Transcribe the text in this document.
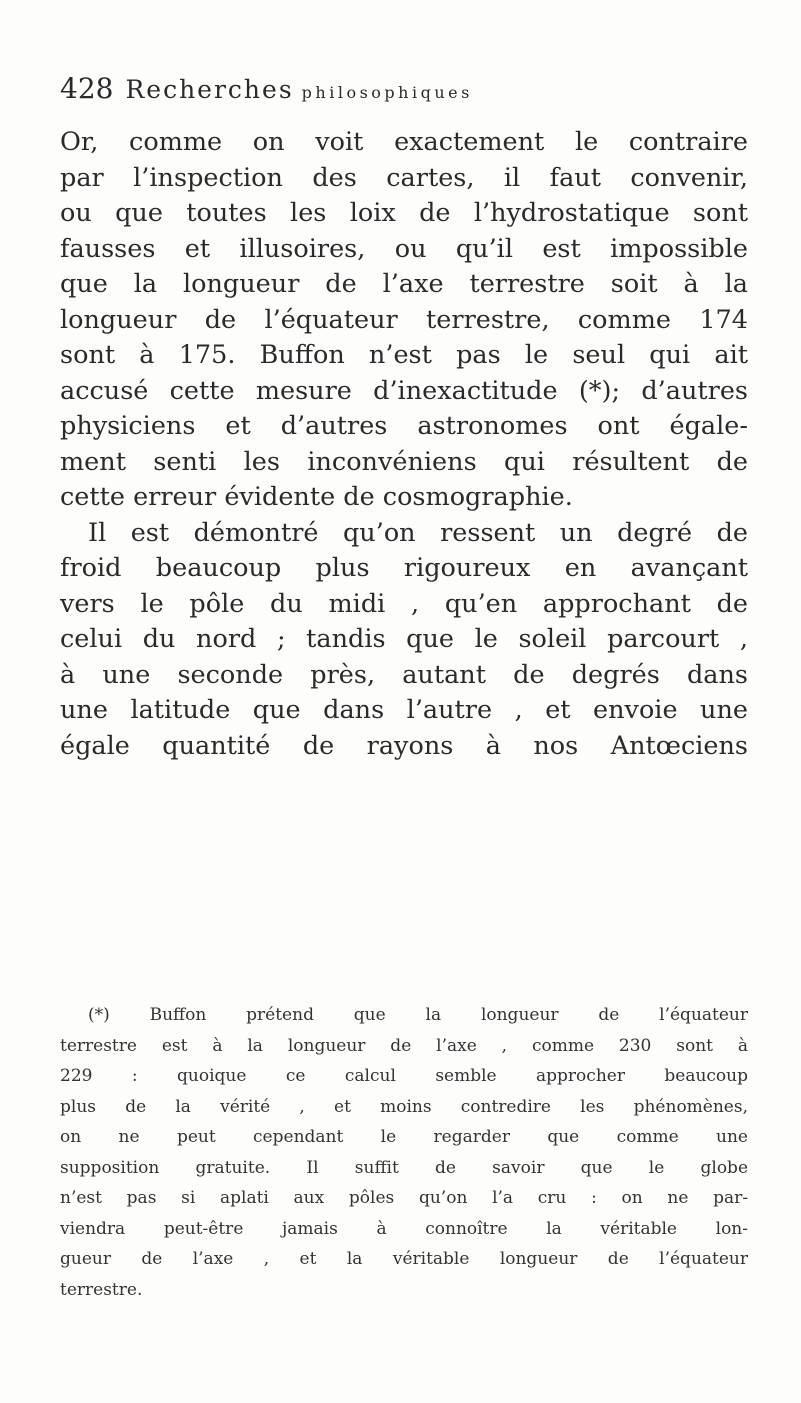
428 Recherches philosophiques
Or, comme on voit exactement le contraire
par l’inspection des cartes, il faut convenir,
ou que toutes les loix de l’hydrostatique sont
fausses et illusoires, ou qu’il est impossible
que la longueur de l’axe terrestre soit à la
longueur de l’équateur terrestre, comme 174
sont à 175. Buffon n’est pas le seul qui ait
accusé cette mesure d’inexactitude (*); d’autres
physiciens et d’autres astronomes ont égale-
ment senti les inconvéniens qui résultent de
cette erreur évidente de cosmographie.
Il est démontré qu’on ressent un degré de
froid beaucoup plus rigoureux en avançant
vers le pôle du midi , qu’en approchant de
celui du nord ; tandis que le soleil parcourt ,
à une seconde près, autant de degrés dans
une latitude que dans l’autre , et envoie une
égale quantité de rayons à nos Antœciens
(*) Buffon prétend que la longueur de l’équateur
terrestre est à la longueur de l’axe , comme 230 sont à
229 : quoique ce calcul semble approcher beaucoup
plus de la vérité , et moins contredire les phénomènes,
on ne peut cependant le regarder que comme une
supposition gratuite. Il suffit de savoir que le globe
n’est pas si aplati aux pôles qu’on l’a cru : on ne par-
viendra peut-être jamais à connoître la véritable lon-
gueur de l’axe , et la véritable longueur de l’équateur
terrestre.
